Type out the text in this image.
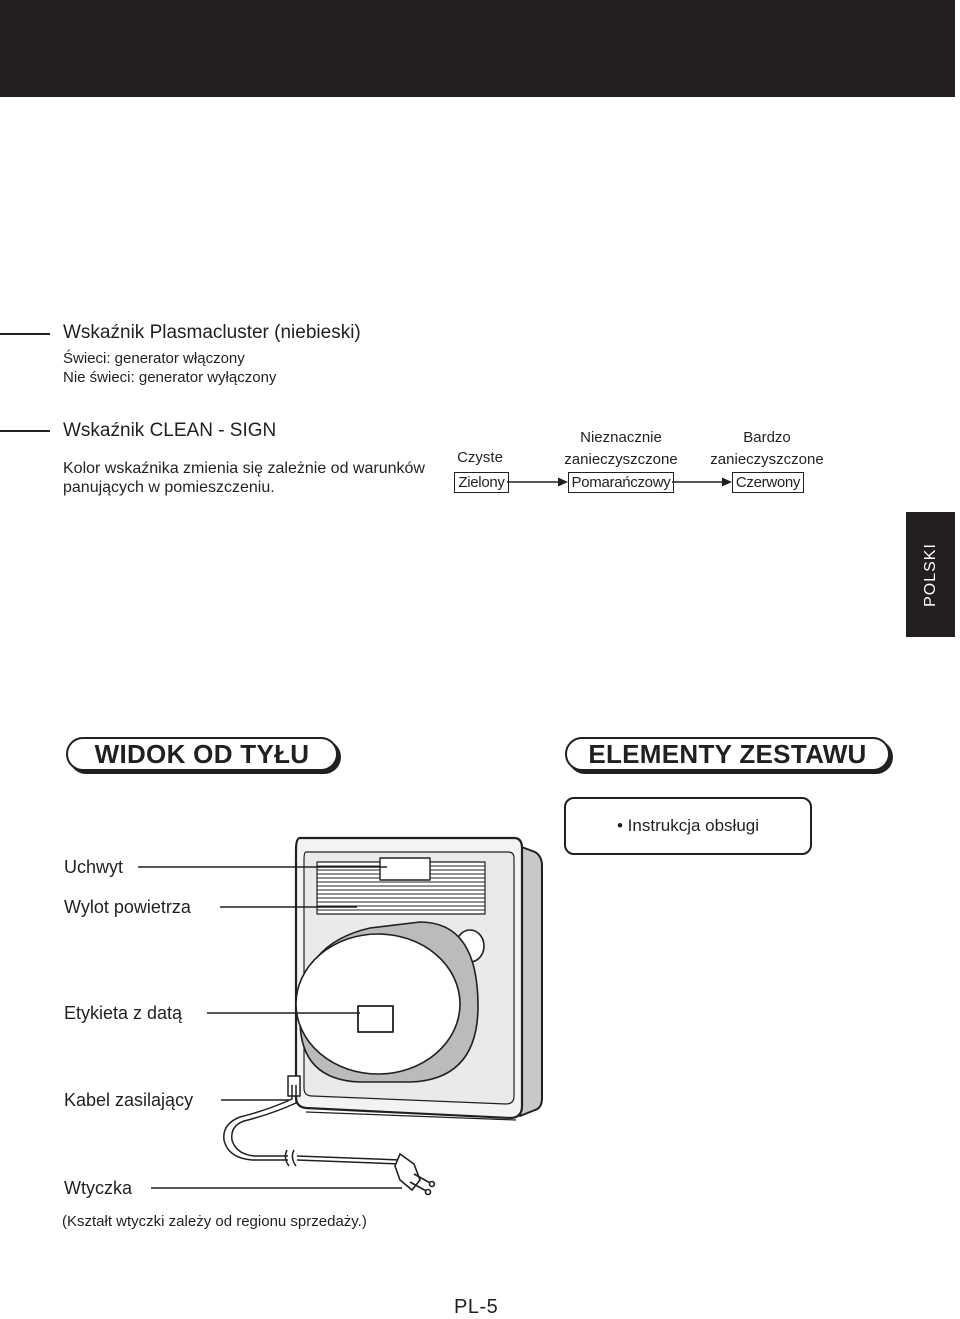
Wskaźnik Plasmacluster (niebieski)
Świeci: generator włączony
Nie świeci: generator wyłączony
Wskaźnik CLEAN - SIGN
Kolor wskaźnika zmienia się zależnie od warunków
panujących w pomieszczeniu.
Czyste
Zielony
Nieznacznie
zanieczyszczone
Pomarańczowy
Bardzo
zanieczyszczone
Czerwony
POLSKI
WIDOK OD TYŁU	ELEMENTY ZESTAWU
• Instrukcja obsługi
Uchwyt
Wylot powietrza
Etykieta z datą
Kabel zasilający
Wtyczka
(Kształt wtyczki zależy od regionu sprzedaży.)
PL-5
